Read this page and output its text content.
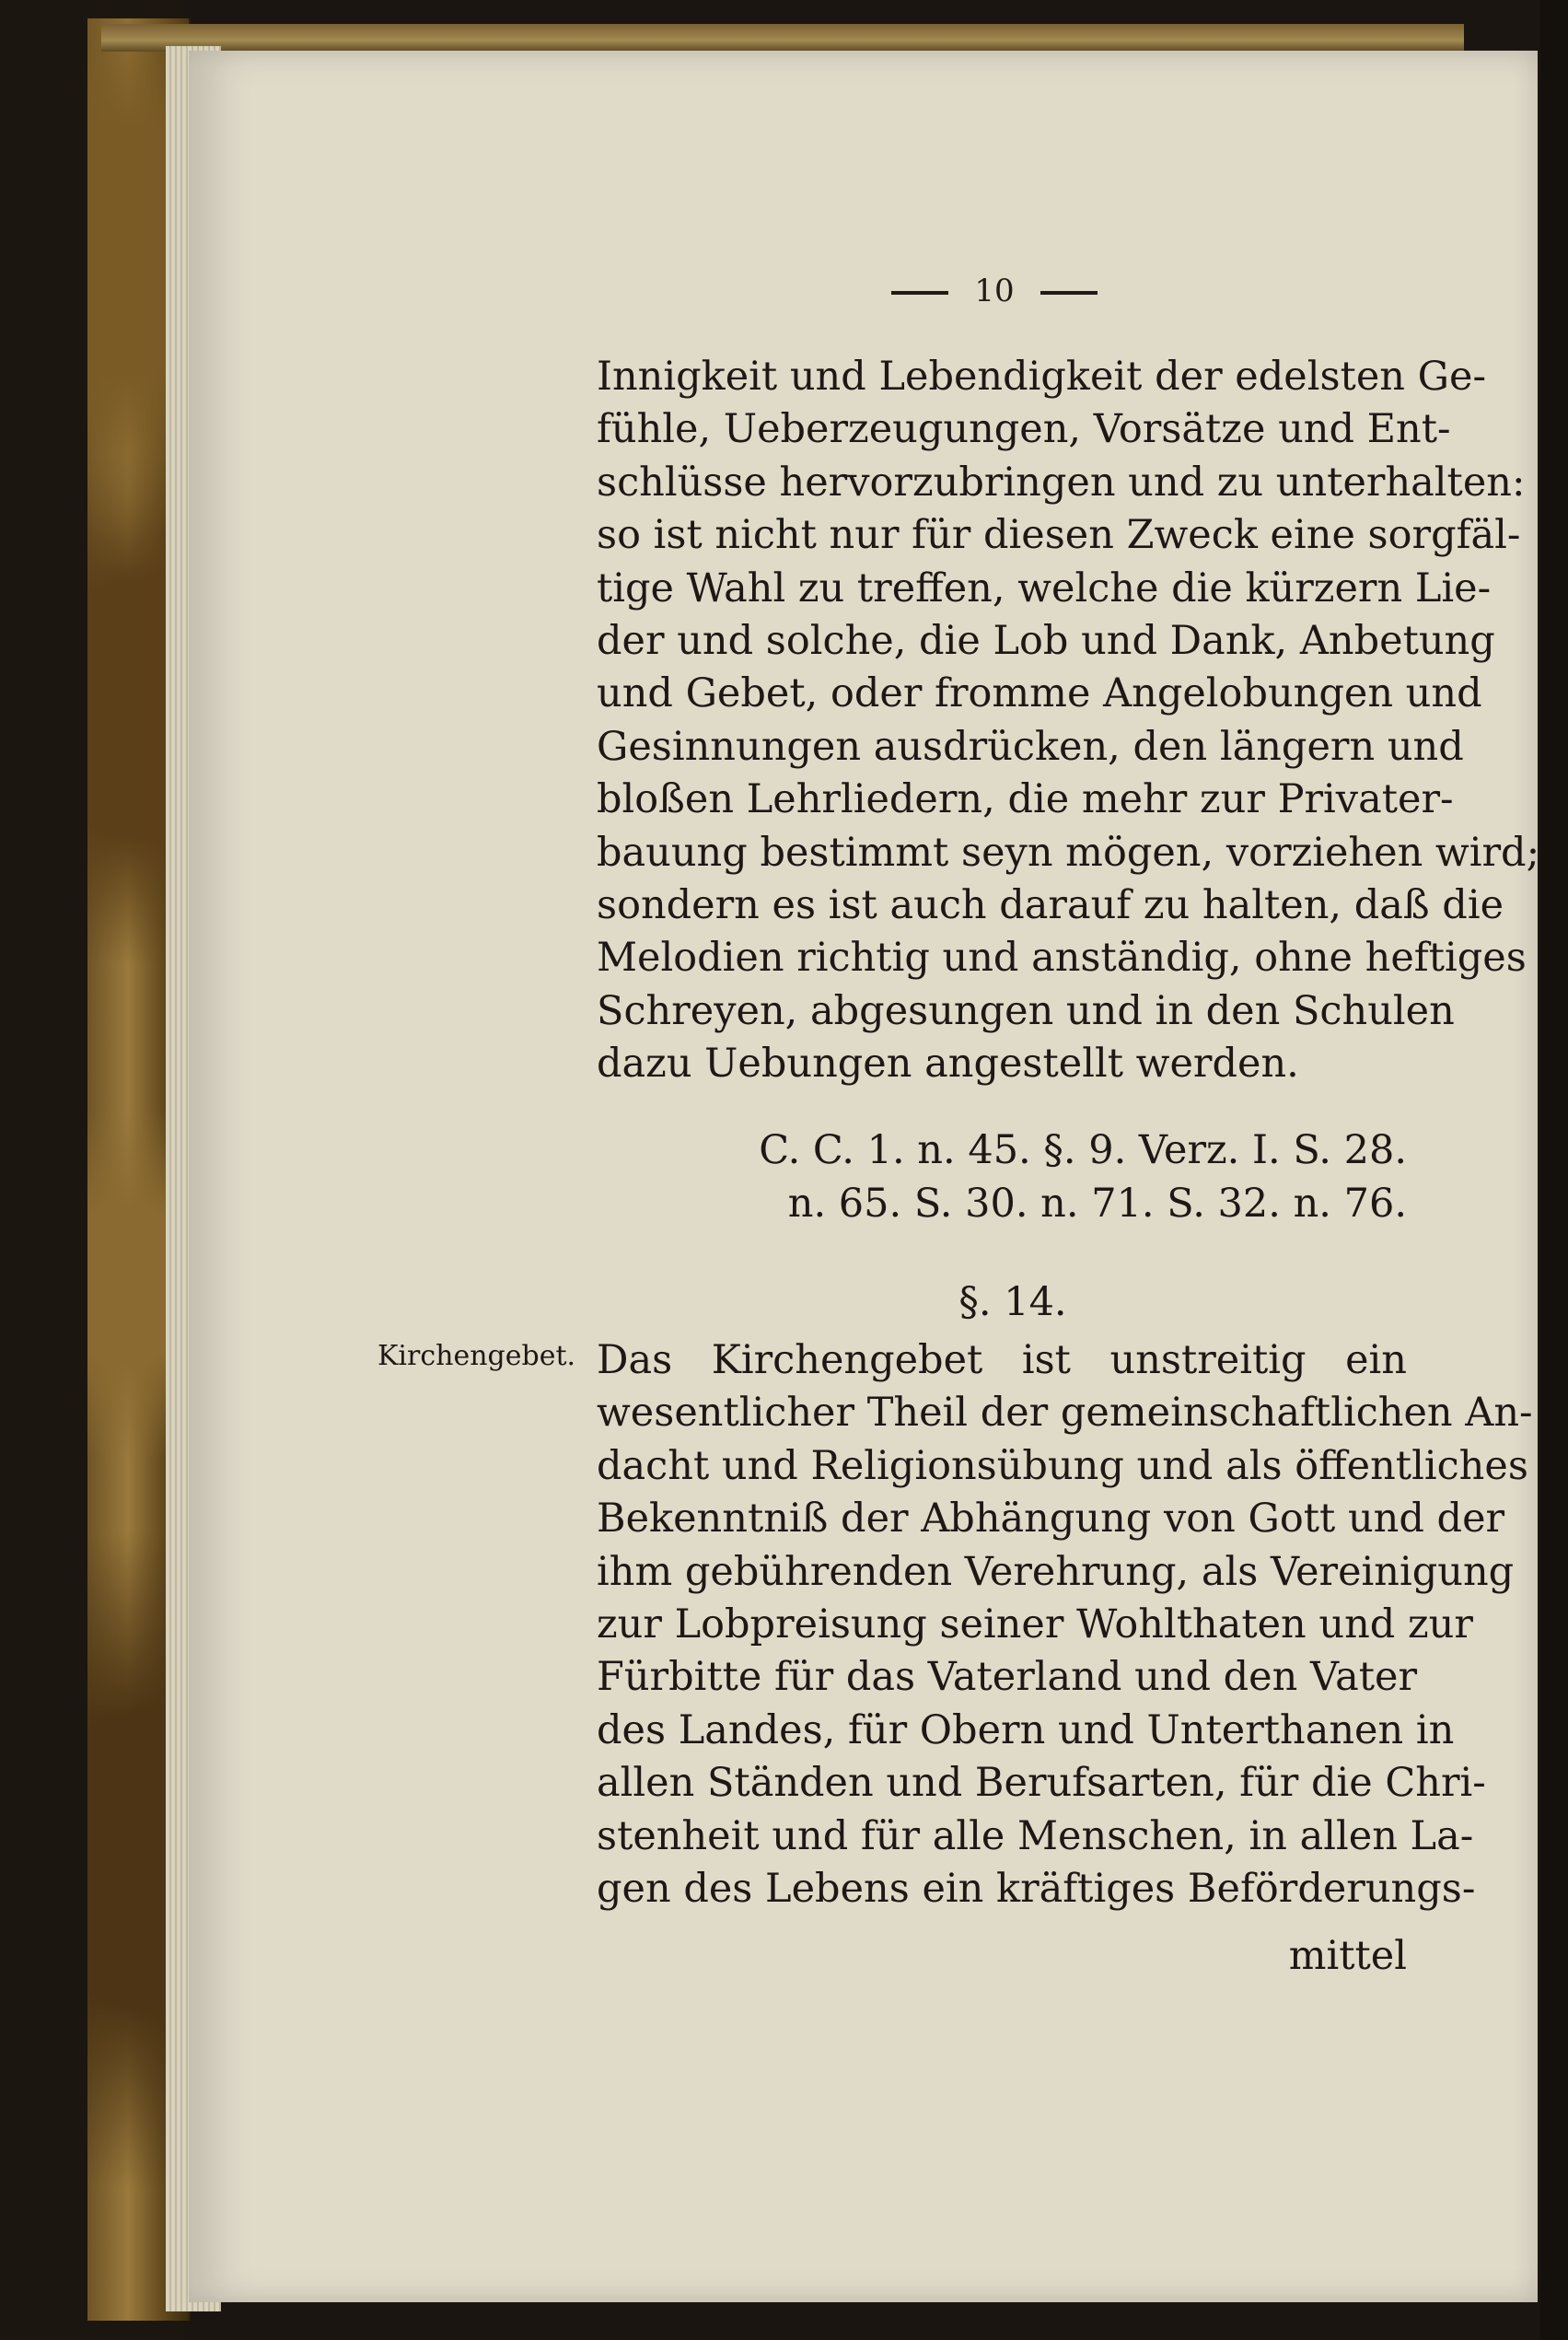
10
Innigkeit und Lebendigkeit der edelsten Ge-
fühle, Ueberzeugungen, Vorsätze und Ent-
schlüsse hervorzubringen und zu unterhalten:
so ist nicht nur für diesen Zweck eine sorgfäl-
tige Wahl zu treffen, welche die kürzern Lie-
der und solche, die Lob und Dank, Anbetung
und Gebet, oder fromme Angelobungen und
Gesinnungen ausdrücken, den längern und
bloßen Lehrliedern, die mehr zur Privater-
bauung bestimmt seyn mögen, vorziehen wird;
sondern es ist auch darauf zu halten, daß die
Melodien richtig und anständig, ohne heftiges
Schreyen, abgesungen und in den Schulen
dazu Uebungen angestellt werden.
C. C. 1. n. 45. §. 9. Verz. I. S. 28.
n. 65. S. 30. n. 71. S. 32. n. 76.
§. 14.
Kirchengebet. Das Kirchengebet ist unstreitig ein
wesentlicher Theil der gemeinschaftlichen An-
dacht und Religionsübung und als öffentliches
Bekenntniß der Abhängung von Gott und der
ihm gebührenden Verehrung, als Vereinigung
zur Lobpreisung seiner Wohlthaten und zur
Fürbitte für das Vaterland und den Vater
des Landes, für Obern und Unterthanen in
allen Ständen und Berufsarten, für die Chri-
stenheit und für alle Menschen, in allen La-
gen des Lebens ein kräftiges Beförderungs-
mittel
